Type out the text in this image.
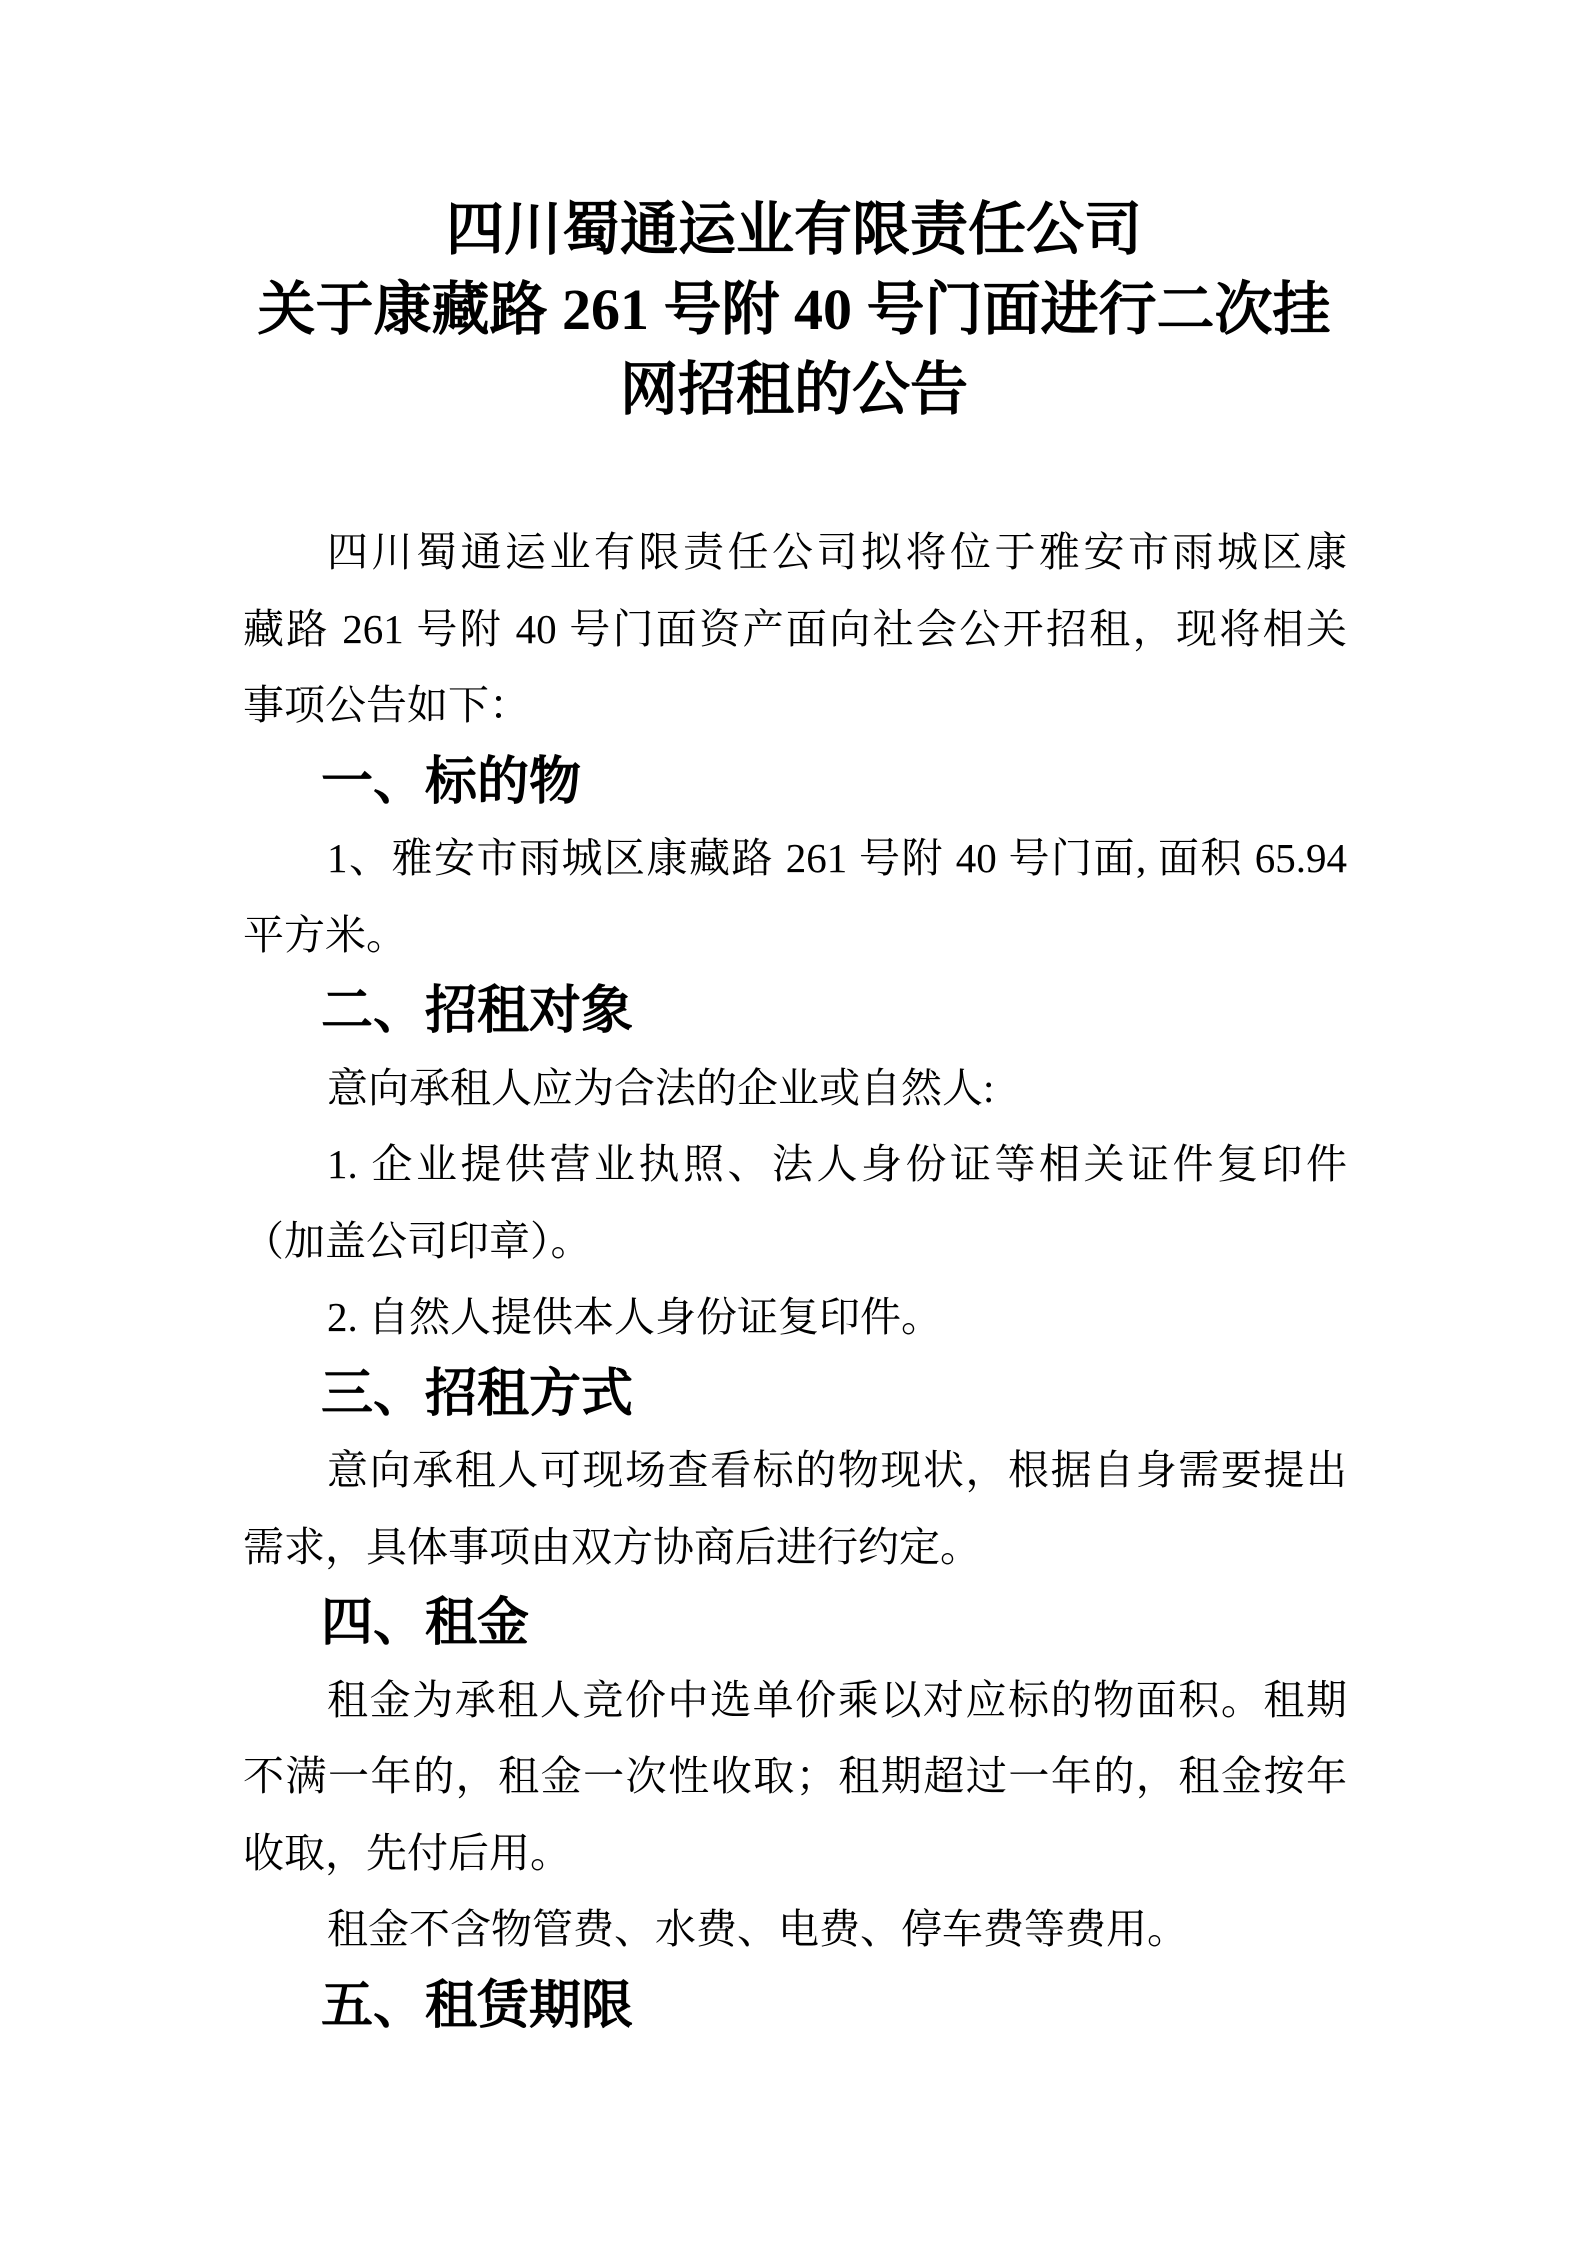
四川蜀通运业有限责任公司
关于康藏路 261 号附 40 号门面进行二次挂
网招租的公告
四川蜀通运业有限责任公司拟将位于雅安市雨城区康
藏路 261 号附 40 号门面资产面向社会公开招租，现将相关
事项公告如下：
一、标的物
1、雅安市雨城区康藏路 261 号附 40 号门面, 面积 65.94
平方米。
二、招租对象
意向承租人应为合法的企业或自然人:
1. 企业提供营业执照、法人身份证等相关证件复印件
（加盖公司印章）。
2. 自然人提供本人身份证复印件。
三、招租方式
意向承租人可现场查看标的物现状，根据自身需要提出
需求，具体事项由双方协商后进行约定。
四、租金
租金为承租人竞价中选单价乘以对应标的物面积。租期
不满一年的，租金一次性收取；租期超过一年的，租金按年
收取，先付后用。
租金不含物管费、水费、电费、停车费等费用。
五、租赁期限
